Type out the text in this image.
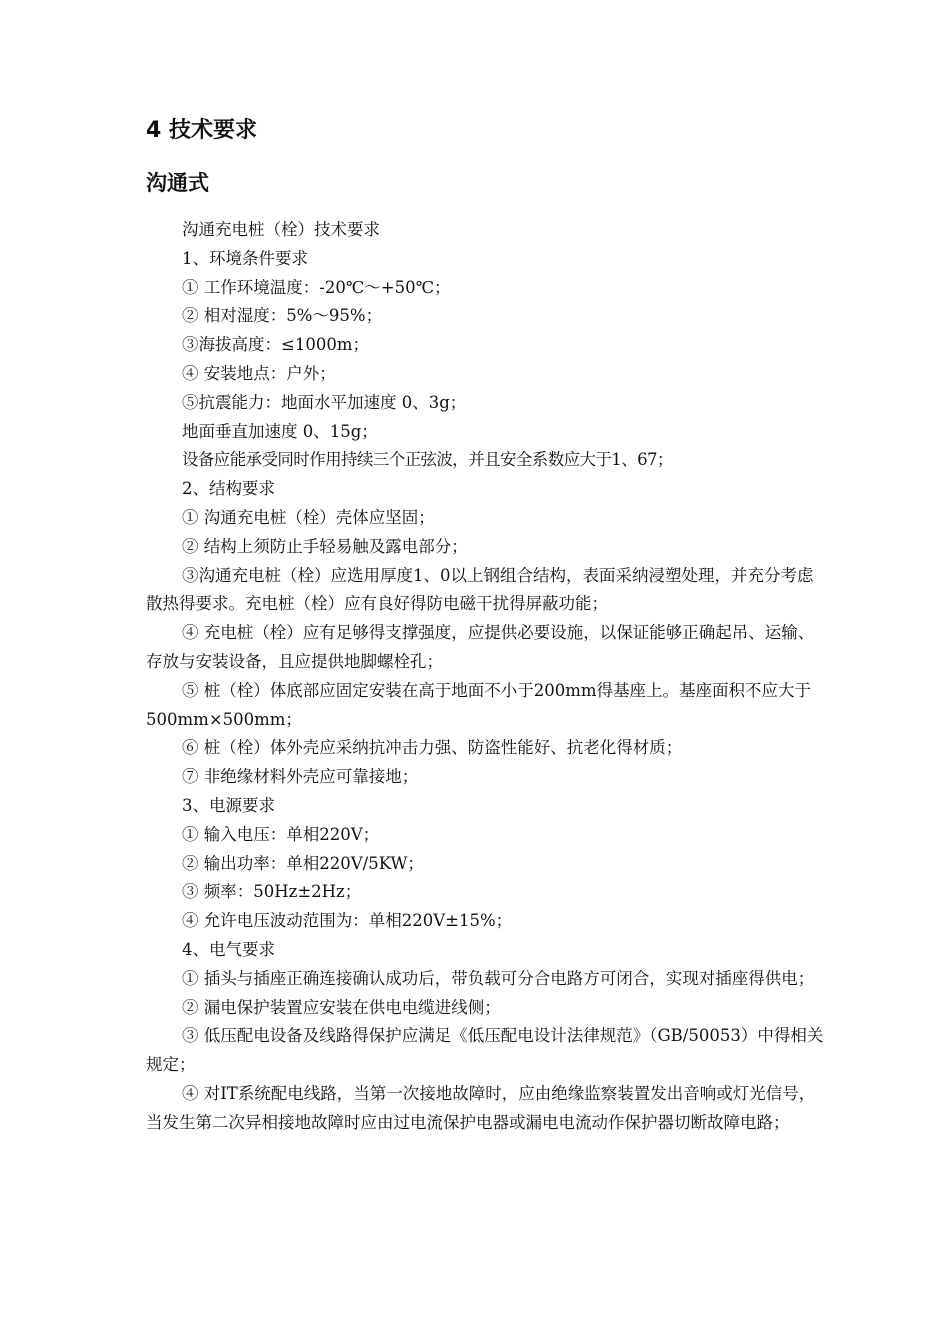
4 技术要求
沟通式

沟通充电桩（栓）技术要求

1、环境条件要求

① 工作环境温度：-20℃～+50℃；

② 相对湿度：5%～95%；

③海拔高度：≤1000m；

④ 安装地点：户外；

⑤抗震能力：地面水平加速度 0、3g；

地面垂直加速度 0、15g；

设备应能承受同时作用持续三个正弦波，并且安全系数应大于1、67；

2、结构要求

① 沟通充电桩（栓）壳体应坚固；

② 结构上须防止手轻易触及露电部分；

③沟通充电桩（栓）应选用厚度1、0以上钢组合结构，表面采纳浸塑处理，并充分考虑散热得要求。充电桩（栓）应有良好得防电磁干扰得屏蔽功能；

④ 充电桩（栓）应有足够得支撑强度，应提供必要设施，以保证能够正确起吊、运输、存放与安装设备，且应提供地脚螺栓孔；

⑤ 桩（栓）体底部应固定安装在高于地面不小于200mm得基座上。基座面积不应大于500mm×500mm；

⑥ 桩（栓）体外壳应采纳抗冲击力强、防盗性能好、抗老化得材质；

⑦ 非绝缘材料外壳应可靠接地；

3、电源要求

① 输入电压：单相220V；

② 输出功率：单相220V/5KW；

③ 频率：50Hz±2Hz；

④ 允许电压波动范围为：单相220V±15%；

4、电气要求

① 插头与插座正确连接确认成功后，带负载可分合电路方可闭合，实现对插座得供电；

② 漏电保护装置应安装在供电电缆进线侧；

③ 低压配电设备及线路得保护应满足《低压配电设计法律规范》（GB/50053）中得相关规定；

④ 对IT系统配电线路，当第一次接地故障时，应由绝缘监察装置发出音响或灯光信号，当发生第二次异相接地故障时应由过电流保护电器或漏电电流动作保护器切断故障电路；
